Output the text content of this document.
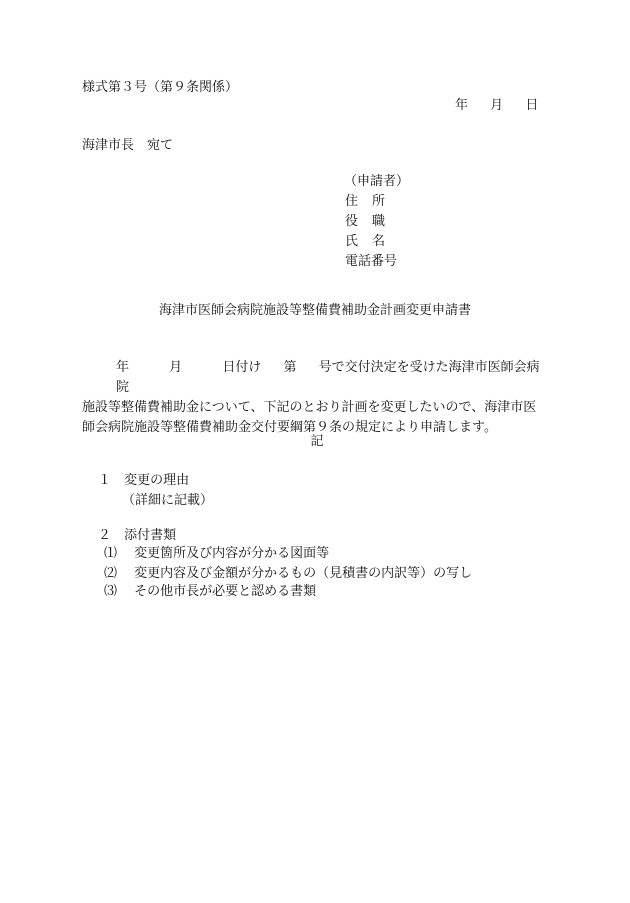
様式第３号（第９条関係）
年 月 日
海津市長　宛て
（申請者）
住所
役職
氏名
電話番号
海津市医師会病院施設等整備費補助金計画変更申請書

年	月	日付け 第 号で交付決定を受けた海津市医師会病院

施設等整備費補助金について、下記のとおり計画を変更したいので、海津市医

師会病院施設等整備費補助金交付要綱第９条の規定により申請します。

記
１ 変更の理由
（詳細に記載）
２ 添付書類
⑴ 変更箇所及び内容が分かる図面等
⑵ 変更内容及び金額が分かるもの（見積書の内訳等）の写し
⑶ その他市長が必要と認める書類
